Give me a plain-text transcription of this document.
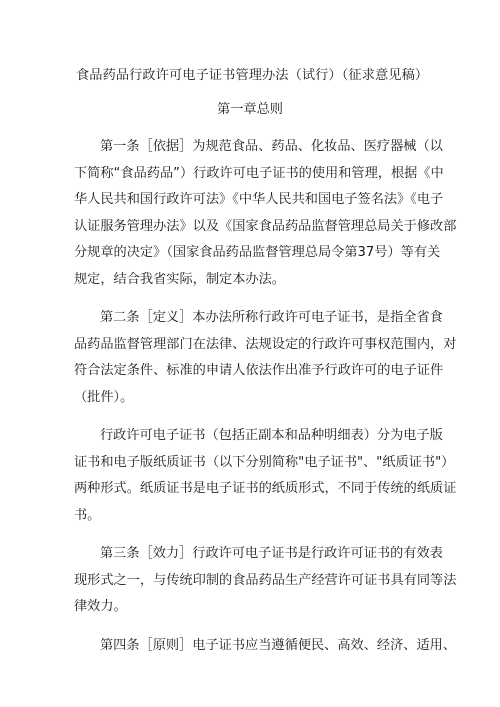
食品药品行政许可电子证书管理办法（试行）（征求意见稿）

第一章总则

第一条［依据］为规范食品、药品、化妆品、医疗器械（以
下简称“食品药品”）行政许可电子证书的使用和管理，根据《中
华人民共和国行政许可法》《中华人民共和国电子签名法》《电子
认证服务管理办法》以及《国家食品药品监督管理总局关于修改部
分规章的决定》（国家食品药品监督管理总局令第37号）等有关
规定，结合我省实际，制定本办法。

第二条［定义］本办法所称行政许可电子证书，是指全省食
品药品监督管理部门在法律、法规设定的行政许可事权范围内，对
符合法定条件、标准的申请人依法作出准予行政许可的电子证件
（批件）。

行政许可电子证书（包括正副本和品种明细表）分为电子版
证书和电子版纸质证书（以下分别简称"电子证书"、"纸质证书"）
两种形式。纸质证书是电子证书的纸质形式，不同于传统的纸质证
书。

第三条［效力］行政许可电子证书是行政许可证书的有效表
现形式之一，与传统印制的食品药品生产经营许可证书具有同等法
律效力。

第四条［原则］电子证书应当遵循便民、高效、经济、适用、
